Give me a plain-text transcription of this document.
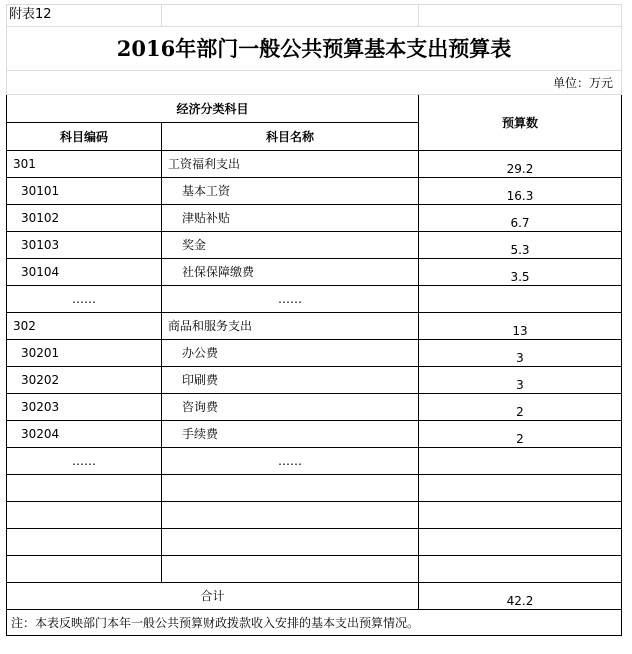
附表12		
2016年部门一般公共预算基本支出预算表		
单位：万元		
经济分类科目		预算数
科目编码	科目名称	
301	工资福利支出	29.2
30101	基本工资	16.3
30102	津贴补贴	6.7
30103	奖金	5.3
30104	社保保障缴费	3.5
……	……	
302	商品和服务支出	13
30201	办公费	3
30202	印刷费	3
30203	咨询费	2
30204	手续费	2
……	……	

合计		42.2
注：本表反映部门本年一般公共预算财政拨款收入安排的基本支出预算情况。		
